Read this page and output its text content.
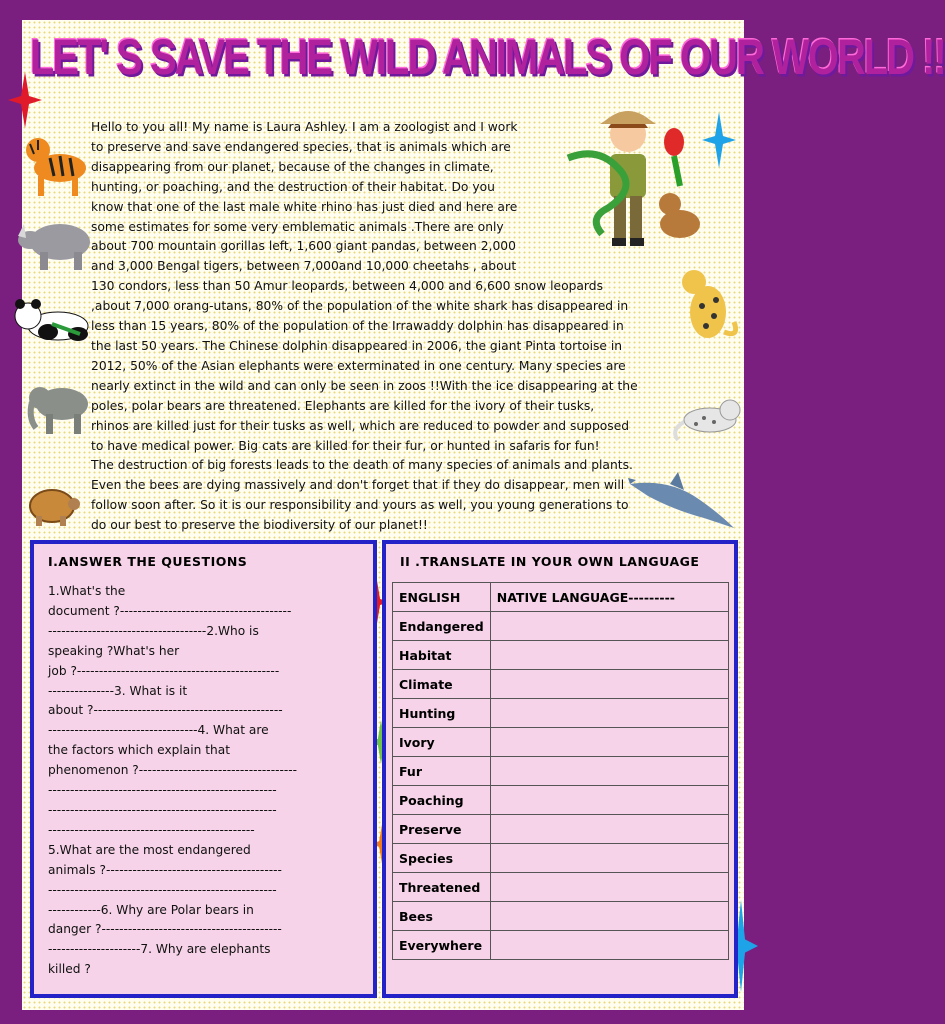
LET' S SAVE THE WILD ANIMALS OF OUR WORLD !!

Hello to you all! My name is Laura Ashley. I am a zoologist and I work

to preserve and save endangered species, that is animals which are

disappearing from our planet, because of the changes in climate,

hunting, or poaching, and the destruction of their habitat. Do you

know that one of the last male white rhino has just died and here are

some estimates for some very emblematic animals .There are only

about 700 mountain gorillas left, 1,600 giant pandas, between 2,000

and 3,000 Bengal tigers, between 7,000and 10,000 cheetahs , about

130 condors, less than 50 Amur leopards, between 4,000 and 6,600 snow leopards

,about 7,000 orang-utans, 80% of the population of the white shark has disappeared in

less than 15 years, 80% of the population of the Irrawaddy dolphin has disappeared in

the last 50 years. The Chinese dolphin disappeared in 2006, the giant Pinta tortoise in

2012, 50% of the Asian elephants were exterminated in one century. Many species are

nearly extinct in the wild and can only be seen in zoos !!With the ice disappearing at the

poles, polar bears are threatened. Elephants are killed for the ivory of their tusks,

rhinos are killed just for their tusks as well, which are reduced to powder and supposed

to have medical power. Big cats are killed for their fur, or hunted in safaris for fun!

The destruction of big forests leads to the death of many species of animals and plants.

Even the bees are dying massively and don't forget that if they do disappear, men will

follow soon after. So it is our responsibility and yours as well, you young generations to

do our best to preserve the biodiversity of our planet!!

I.ANSWER THE QUESTIONS

1.What's the

document ?---------------------------------------

------------------------------------2.Who is

speaking ?What's her

job ?----------------------------------------------

---------------3. What is it

about ?-------------------------------------------

----------------------------------4. What are

the factors which explain that

phenomenon ?------------------------------------

----------------------------------------------------

----------------------------------------------------

-----------------------------------------------

5.What are the most endangered

animals ?----------------------------------------

----------------------------------------------------

------------6. Why are Polar bears in

danger ?-----------------------------------------

---------------------7. Why are elephants

killed ?

II .TRANSLATE IN YOUR OWN LANGUAGE
ENGLISH	NATIVE LANGUAGE---------
Endangered	
Habitat	
Climate	
Hunting	
Ivory	
Fur	
Poaching	
Preserve	
Species	
Threatened	
Bees	
Everywhere	
